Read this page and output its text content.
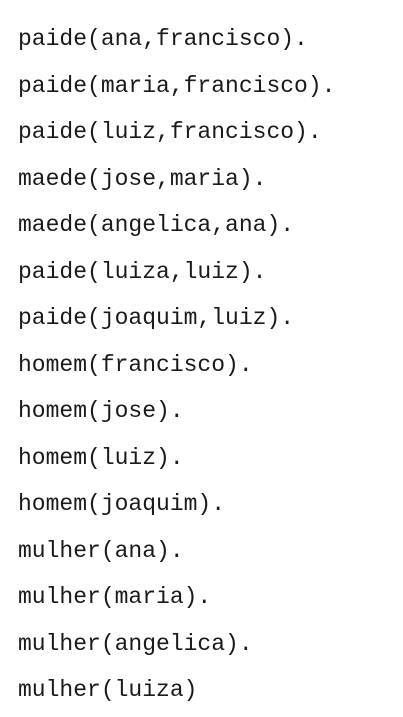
paide(ana,francisco).
paide(maria,francisco).
paide(luiz,francisco).
maede(jose,maria).
maede(angelica,ana).
paide(luiza,luiz).
paide(joaquim,luiz).
homem(francisco).
homem(jose).
homem(luiz).
homem(joaquim).
mulher(ana).
mulher(maria).
mulher(angelica).
mulher(luiza)
